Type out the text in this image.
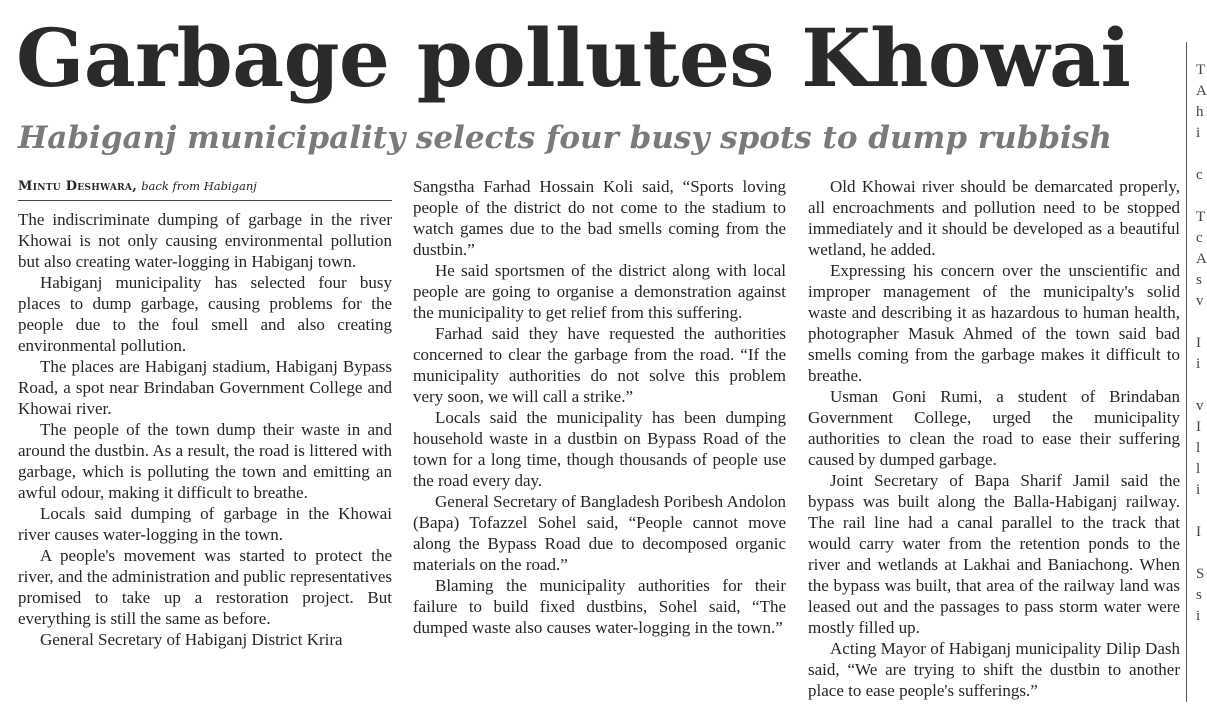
Garbage pollutes Khowai
Habiganj municipality selects four busy spots to dump rubbish
Mintu Deshwara, back from Habiganj

The indiscriminate dumping of garbage in the river Khowai is not only causing environmental pollution but also creating water-logging in Habiganj town.

Habiganj municipality has selected four busy places to dump garbage, causing problems for the people due to the foul smell and also creating environmental pollution.

The places are Habiganj stadium, Habiganj Bypass Road, a spot near Brindaban Government College and Khowai river.

The people of the town dump their waste in and around the dustbin. As a result, the road is littered with garbage, which is polluting the town and emitting an awful odour, making it difficult to breathe.

Locals said dumping of garbage in the Khowai river causes water-logging in the town.

A people's movement was started to protect the river, and the administration and public representatives promised to take up a restoration project. But everything is still the same as before.

General Secretary of Habiganj District Krira

Sangstha Farhad Hossain Koli said, “Sports loving people of the district do not come to the stadium to watch games due to the bad smells coming from the dustbin.”

He said sportsmen of the district along with local people are going to organise a demonstration against the municipality to get relief from this suffering.

Farhad said they have requested the authorities concerned to clear the garbage from the road. “If the municipality authorities do not solve this problem very soon, we will call a strike.”

Locals said the municipality has been dumping household waste in a dustbin on Bypass Road of the town for a long time, though thousands of people use the road every day.

General Secretary of Bangladesh Poribesh Andolon (Bapa) Tofazzel Sohel said, “People cannot move along the Bypass Road due to decomposed organic materials on the road.”

Blaming the municipality authorities for their failure to build fixed dustbins, Sohel said, “The dumped waste also causes water-logging in the town.”

Old Khowai river should be demarcated properly, all encroachments and pollution need to be stopped immediately and it should be developed as a beautiful wetland, he added.

Expressing his concern over the unscientific and improper management of the municipalty's solid waste and describing it as hazardous to human health, photographer Masuk Ahmed of the town said bad smells coming from the garbage makes it difficult to breathe.

Usman Goni Rumi, a student of Brindaban Government College, urged the municipality authorities to clean the road to ease their suffering caused by dumped garbage.

Joint Secretary of Bapa Sharif Jamil said the bypass was built along the Balla-Habiganj railway. The rail line had a canal parallel to the track that would carry water from the retention ponds to the river and wetlands at Lakhai and Baniachong. When the bypass was built, that area of the railway land was leased out and the passages to pass storm water were mostly filled up.

Acting Mayor of Habiganj municipality Dilip Dash said, “We are trying to shift the dustbin to another place to ease people's sufferings.”

T
A
h
i

c

T
c
A
s
v

I
i

v
I
l
l
i

I

S
s
i
